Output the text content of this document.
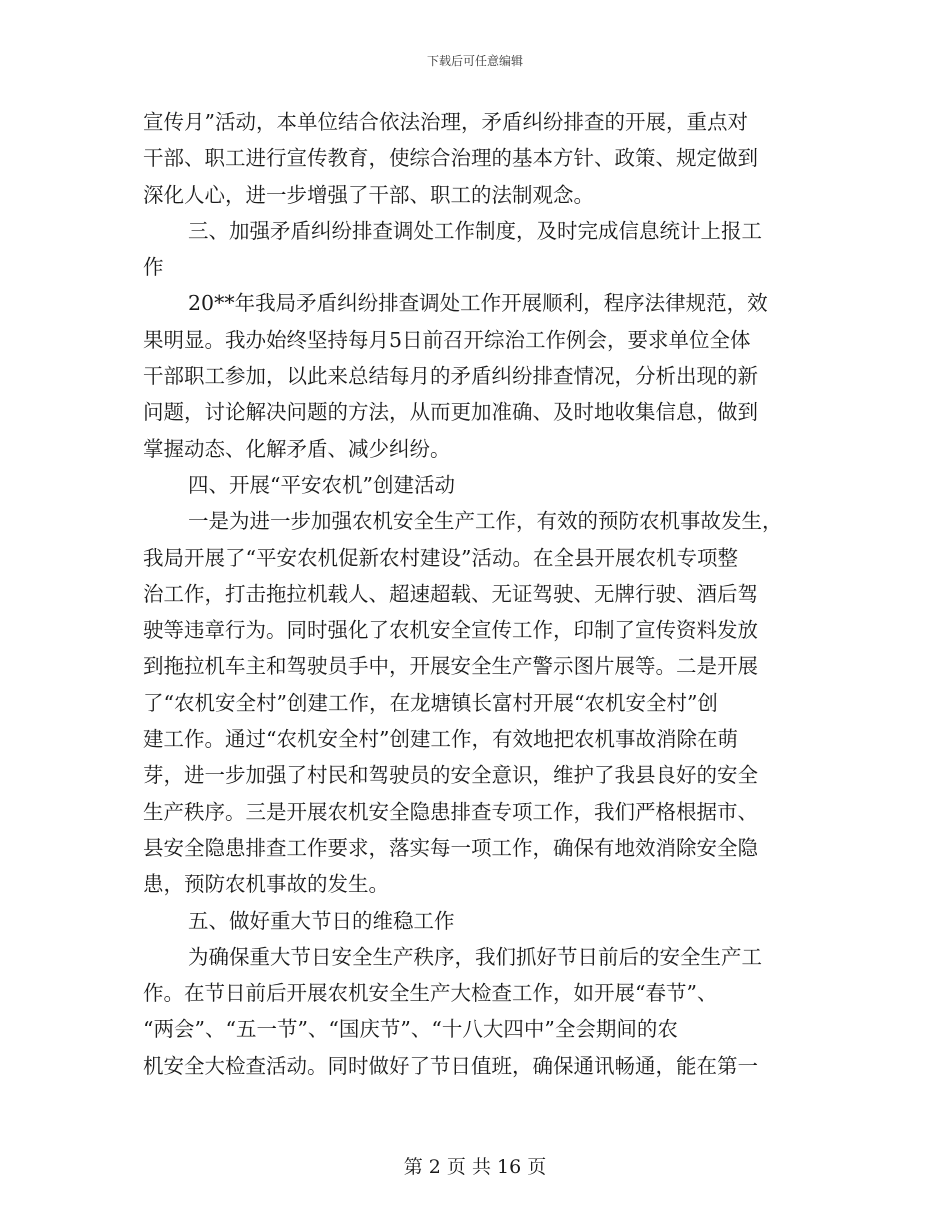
下载后可任意编辑
宣传月”活动，本单位结合依法治理，矛盾纠纷排查的开展，重点对
干部、职工进行宣传教育，使综合治理的基本方针、政策、规定做到
深化人心，进一步增强了干部、职工的法制观念。
三、加强矛盾纠纷排查调处工作制度，及时完成信息统计上报工
作
20**年我局矛盾纠纷排查调处工作开展顺利，程序法律规范，效
果明显。我办始终坚持每月5日前召开综治工作例会，要求单位全体
干部职工参加，以此来总结每月的矛盾纠纷排查情况，分析出现的新
问题，讨论解决问题的方法，从而更加准确、及时地收集信息，做到
掌握动态、化解矛盾、减少纠纷。
四、开展“平安农机”创建活动
一是为进一步加强农机安全生产工作，有效的预防农机事故发生，
我局开展了“平安农机促新农村建设”活动。在全县开展农机专项整
治工作，打击拖拉机载人、超速超载、无证驾驶、无牌行驶、酒后驾
驶等违章行为。同时强化了农机安全宣传工作，印制了宣传资料发放
到拖拉机车主和驾驶员手中，开展安全生产警示图片展等。二是开展
了“农机安全村”创建工作，在龙塘镇长富村开展“农机安全村”创
建工作。通过“农机安全村”创建工作，有效地把农机事故消除在萌
芽，进一步加强了村民和驾驶员的安全意识，维护了我县良好的安全
生产秩序。三是开展农机安全隐患排查专项工作，我们严格根据市、
县安全隐患排查工作要求，落实每一项工作，确保有地效消除安全隐
患，预防农机事故的发生。
五、做好重大节日的维稳工作
为确保重大节日安全生产秩序，我们抓好节日前后的安全生产工
作。在节日前后开展农机安全生产大检查工作，如开展“春节”、
“两会”、“五一节”、“国庆节”、“十八大四中”全会期间的农
机安全大检查活动。同时做好了节日值班，确保通讯畅通，能在第一
第 2 页 共 16 页
